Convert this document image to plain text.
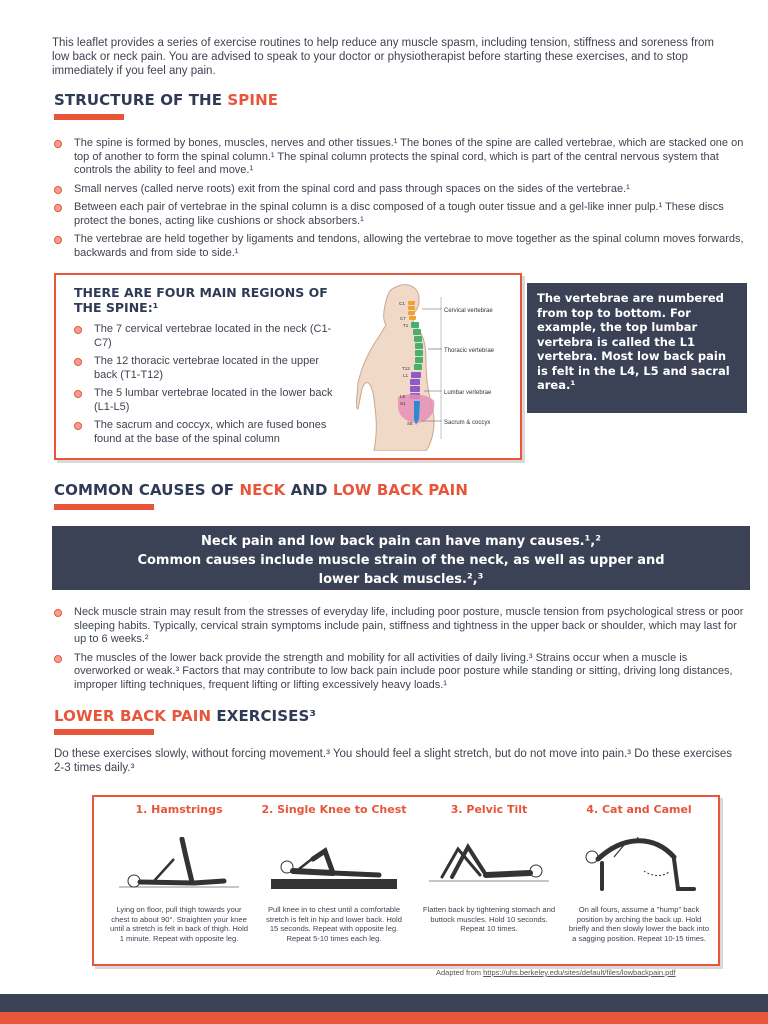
This leaflet provides a series of exercise routines to help reduce any muscle spasm, including tension, stiffness and soreness from low back or neck pain. You are advised to speak to your doctor or physiotherapist before starting these exercises, and to stop immediately if you feel any pain.
STRUCTURE OF THE SPINE
The spine is formed by bones, muscles, nerves and other tissues.¹ The bones of the spine are called vertebrae, which are stacked one on top of another to form the spinal column.¹ The spinal column protects the spinal cord, which is part of the central nervous system that controls the ability to feel and move.¹
Small nerves (called nerve roots) exit from the spinal cord and pass through spaces on the sides of the vertebrae.¹
Between each pair of vertebrae in the spinal column is a disc composed of a tough outer tissue and a gel-like inner pulp.¹ These discs protect the bones, acting like cushions or shock absorbers.¹
The vertebrae are held together by ligaments and tendons, allowing the vertebrae to move together as the spinal column moves forwards, backwards and from side to side.¹
THERE ARE FOUR MAIN REGIONS OF THE SPINE:¹
The 7 cervical vertebrae located in the neck (C1-C7)
The 12 thoracic vertebrae located in the upper back (T1-T12)
The 5 lumbar vertebrae located in the lower back (L1-L5)
The sacrum and coccyx, which are fused bones found at the base of the spinal column
Cervical vertebrae
Thoracic vertebrae
Lumbar vertebrae
Sacrum & coccyx
C1
C7
T1
T12
L1
L5
S1
S5
The vertebrae are numbered from top to bottom. For example, the top lumbar vertebra is called the L1 vertebra. Most low back pain is felt in the L4, L5 and sacral area.¹
COMMON CAUSES OF NECK AND LOW BACK PAIN
Neck pain and low back pain can have many causes.¹,²
Common causes include muscle strain of the neck, as well as upper and lower back muscles.²,³
Neck muscle strain may result from the stresses of everyday life, including poor posture, muscle tension from psychological stress or poor sleeping habits. Typically, cervical strain symptoms include pain, stiffness and tightness in the upper back or shoulder, which may last for up to 6 weeks.²
The muscles of the lower back provide the strength and mobility for all activities of daily living.³ Strains occur when a muscle is overworked or weak.³ Factors that may contribute to low back pain include poor posture while standing or sitting, driving long distances, improper lifting techniques, frequent lifting or lifting excessively heavy loads.¹
LOWER BACK PAIN EXERCISES³
Do these exercises slowly, without forcing movement.³ You should feel a slight stretch, but do not move into pain.³ Do these exercises 2-3 times daily.³
1. Hamstrings
Lying on floor, pull thigh towards your chest to about 90°. Straighten your knee until a stretch is felt in back of thigh. Hold 1 minute. Repeat with opposite leg.
2. Single Knee to Chest
Pull knee in to chest until a comfortable stretch is felt in hip and lower back. Hold 15 seconds. Repeat with opposite leg. Repeat 5-10 times each leg.
3. Pelvic Tilt
Flatten back by tightening stomach and buttock muscles. Hold 10 seconds. Repeat 10 times.
4. Cat and Camel
On all fours, assume a "hump" back position by arching the back up. Hold briefly and then slowly lower the back into a sagging position. Repeat 10-15 times.
Adapted from https://uhs.berkeley.edu/sites/default/files/lowbackpain.pdf
